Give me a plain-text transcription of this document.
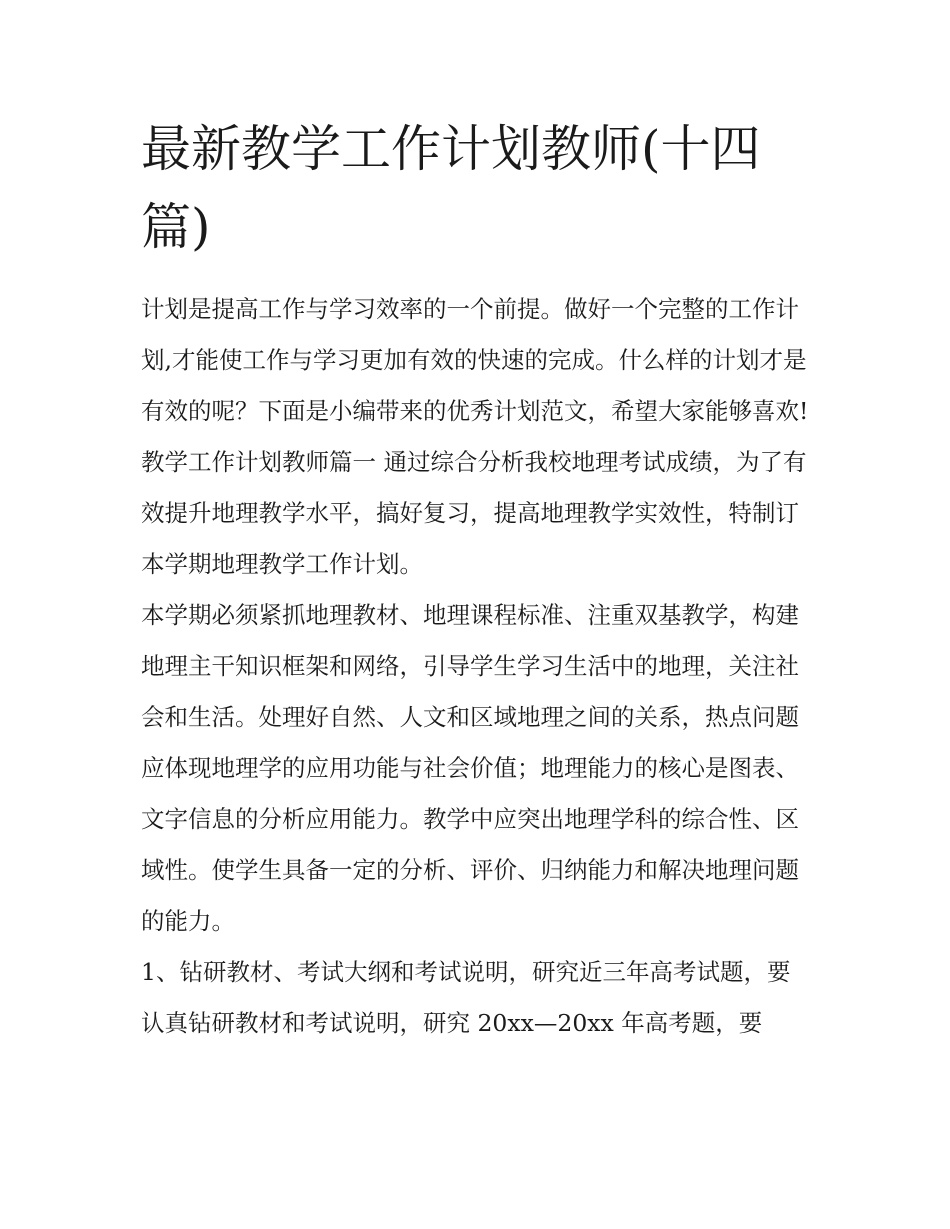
最新教学工作计划教师(十四篇)

计划是提高工作与学习效率的一个前提。做好一个完整的工作计划,才能使工作与学习更加有效的快速的完成。什么样的计划才是有效的呢？下面是小编带来的优秀计划范文，希望大家能够喜欢!

教学工作计划教师篇一 通过综合分析我校地理考试成绩，为了有效提升地理教学水平，搞好复习，提高地理教学实效性，特制订本学期地理教学工作计划。

本学期必须紧抓地理教材、地理课程标准、注重双基教学，构建地理主干知识框架和网络，引导学生学习生活中的地理，关注社会和生活。处理好自然、人文和区域地理之间的关系，热点问题应体现地理学的应用功能与社会价值；地理能力的核心是图表、文字信息的分析应用能力。教学中应突出地理学科的综合性、区域性。使学生具备一定的分析、评价、归纳能力和解决地理问题的能力。

1、钻研教材、考试大纲和考试说明，研究近三年高考试题，要认真钻研教材和考试说明，研究 20xx—20xx 年高考题，要
